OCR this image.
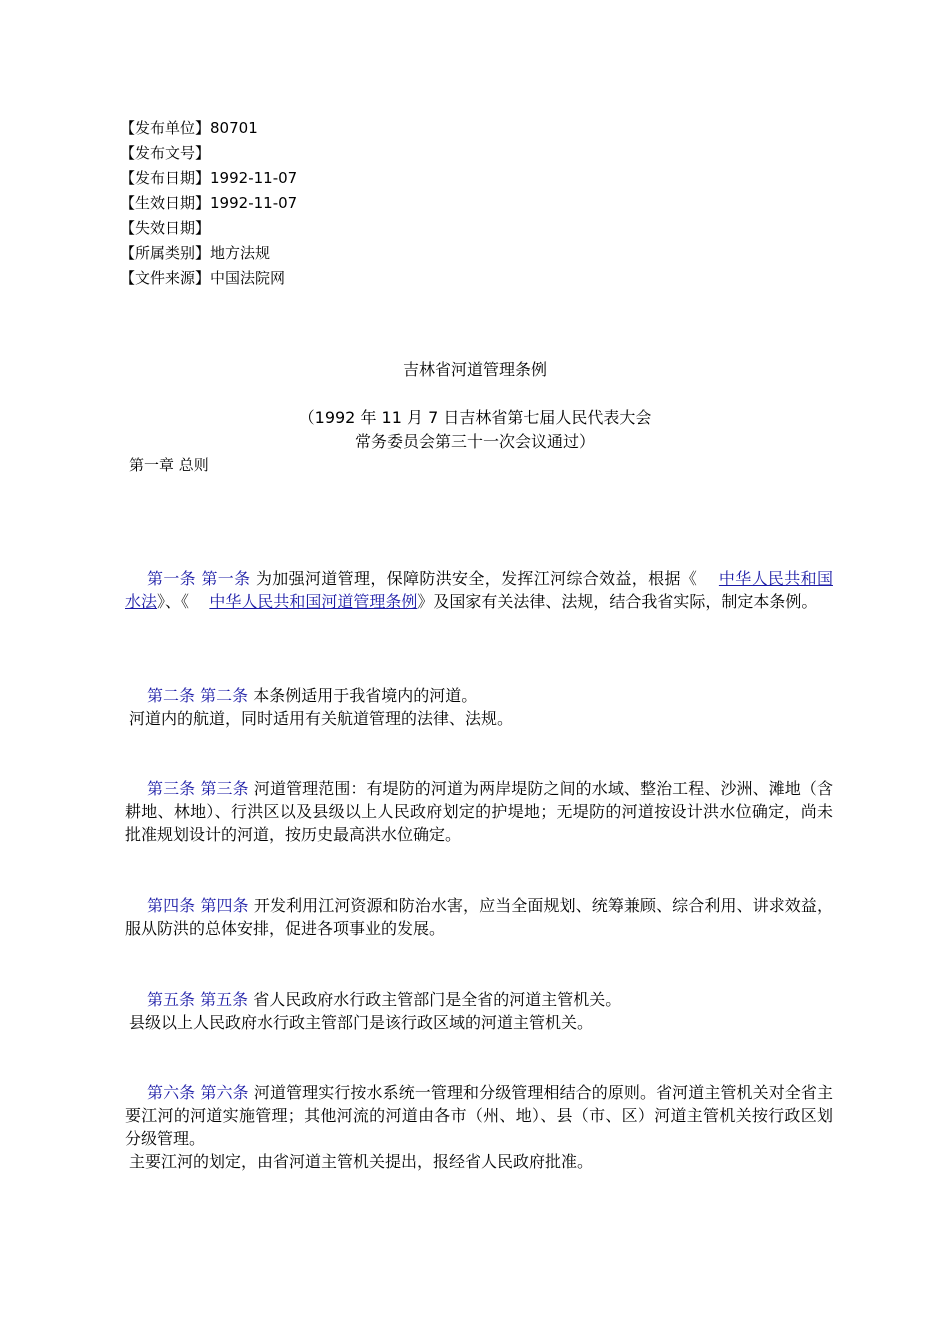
【发布单位】80701
【发布文号】
【发布日期】1992-11-07
【生效日期】1992-11-07
【失效日期】
【所属类别】地方法规
【文件来源】中国法院网
吉林省河道管理条例
（1992 年 11 月 7 日吉林省第七届人民代表大会
常务委员会第三十一次会议通过）
第一章 总则

第一条 第一条 为加强河道管理，保障防洪安全，发挥江河综合效益，根据《 中华人民共和国水法》、《 中华人民共和国河道管理条例》及国家有关法律、法规，结合我省实际，制定本条例。

第二条 第二条 本条例适用于我省境内的河道。

河道内的航道，同时适用有关航道管理的法律、法规。

第三条 第三条 河道管理范围：有堤防的河道为两岸堤防之间的水域、整治工程、沙洲、滩地（含耕地、林地）、行洪区以及县级以上人民政府划定的护堤地；无堤防的河道按设计洪水位确定，尚未批准规划设计的河道，按历史最高洪水位确定。

第四条 第四条 开发利用江河资源和防治水害，应当全面规划、统筹兼顾、综合利用、讲求效益，服从防洪的总体安排，促进各项事业的发展。

第五条 第五条 省人民政府水行政主管部门是全省的河道主管机关。

县级以上人民政府水行政主管部门是该行政区域的河道主管机关。

第六条 第六条 河道管理实行按水系统一管理和分级管理相结合的原则。省河道主管机关对全省主要江河的河道实施管理；其他河流的河道由各市（州、地）、县（市、区）河道主管机关按行政区划分级管理。

主要江河的划定，由省河道主管机关提出，报经省人民政府批准。
